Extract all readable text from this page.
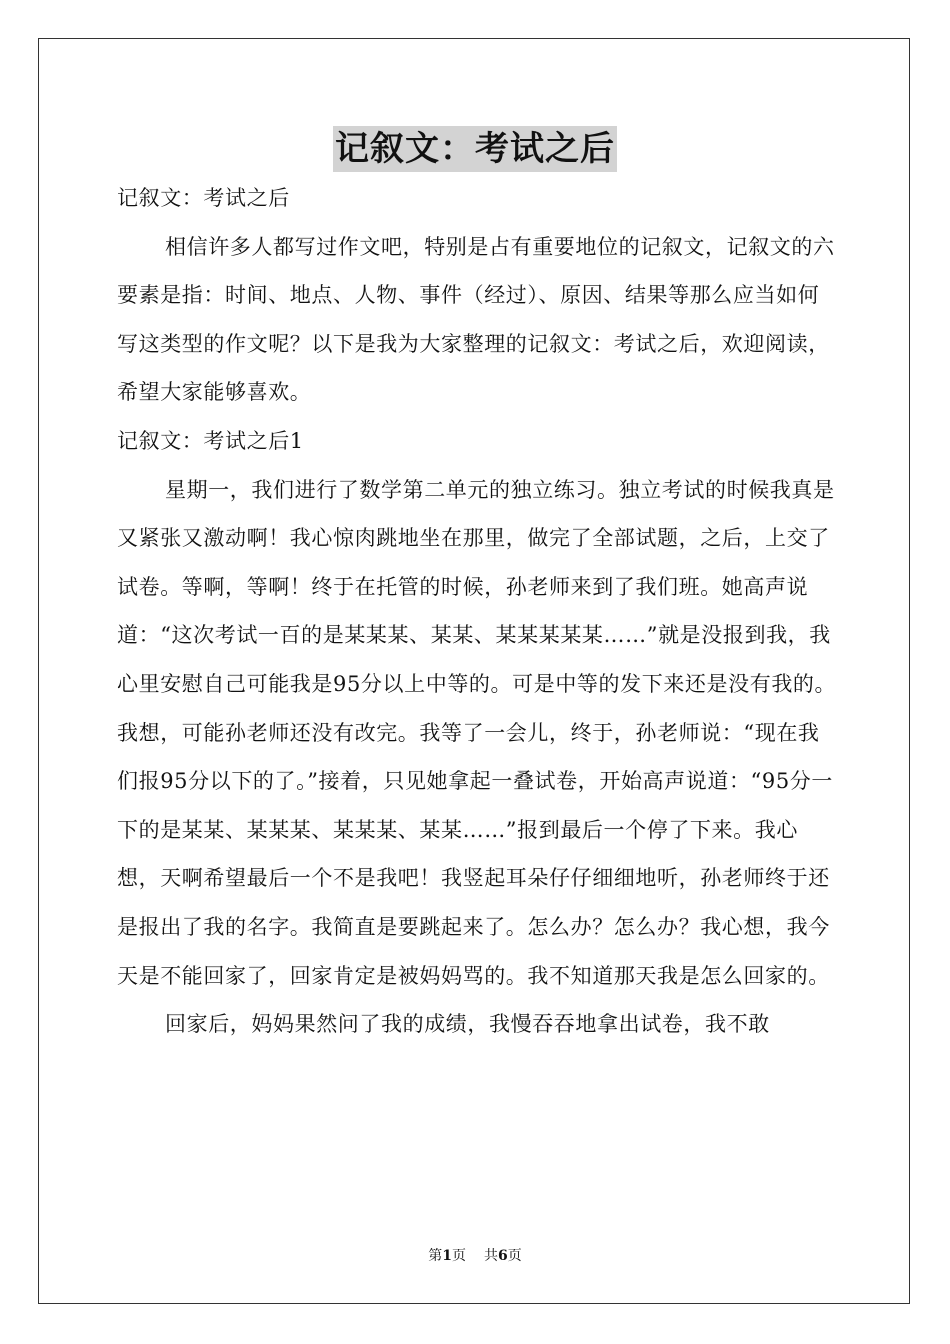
记叙文：考试之后

记叙文：考试之后

相信许多人都写过作文吧，特别是占有重要地位的记叙文，记叙文的六要素是指：时间、地点、人物、事件（经过）、原因、结果等那么应当如何写这类型的作文呢？以下是我为大家整理的记叙文：考试之后，欢迎阅读，希望大家能够喜欢。

记叙文：考试之后1

星期一，我们进行了数学第二单元的独立练习。独立考试的时候我真是又紧张又激动啊！我心惊肉跳地坐在那里，做完了全部试题，之后，上交了试卷。等啊，等啊！终于在托管的时候，孙老师来到了我们班。她高声说道：“这次考试一百的是某某某、某某、某某某某某……”就是没报到我，我心里安慰自己可能我是95分以上中等的。可是中等的发下来还是没有我的。我想，可能孙老师还没有改完。我等了一会儿，终于，孙老师说：“现在我们报95分以下的了。”接着，只见她拿起一叠试卷，开始高声说道：“95分一下的是某某、某某某、某某某、某某……”报到最后一个停了下来。我心想，天啊希望最后一个不是我吧！我竖起耳朵仔仔细细地听，孙老师终于还是报出了我的名字。我简直是要跳起来了。怎么办？怎么办？我心想，我今天是不能回家了，回家肯定是被妈妈骂的。我不知道那天我是怎么回家的。

回家后，妈妈果然问了我的成绩，我慢吞吞地拿出试卷，我不敢

第1页 共6页
